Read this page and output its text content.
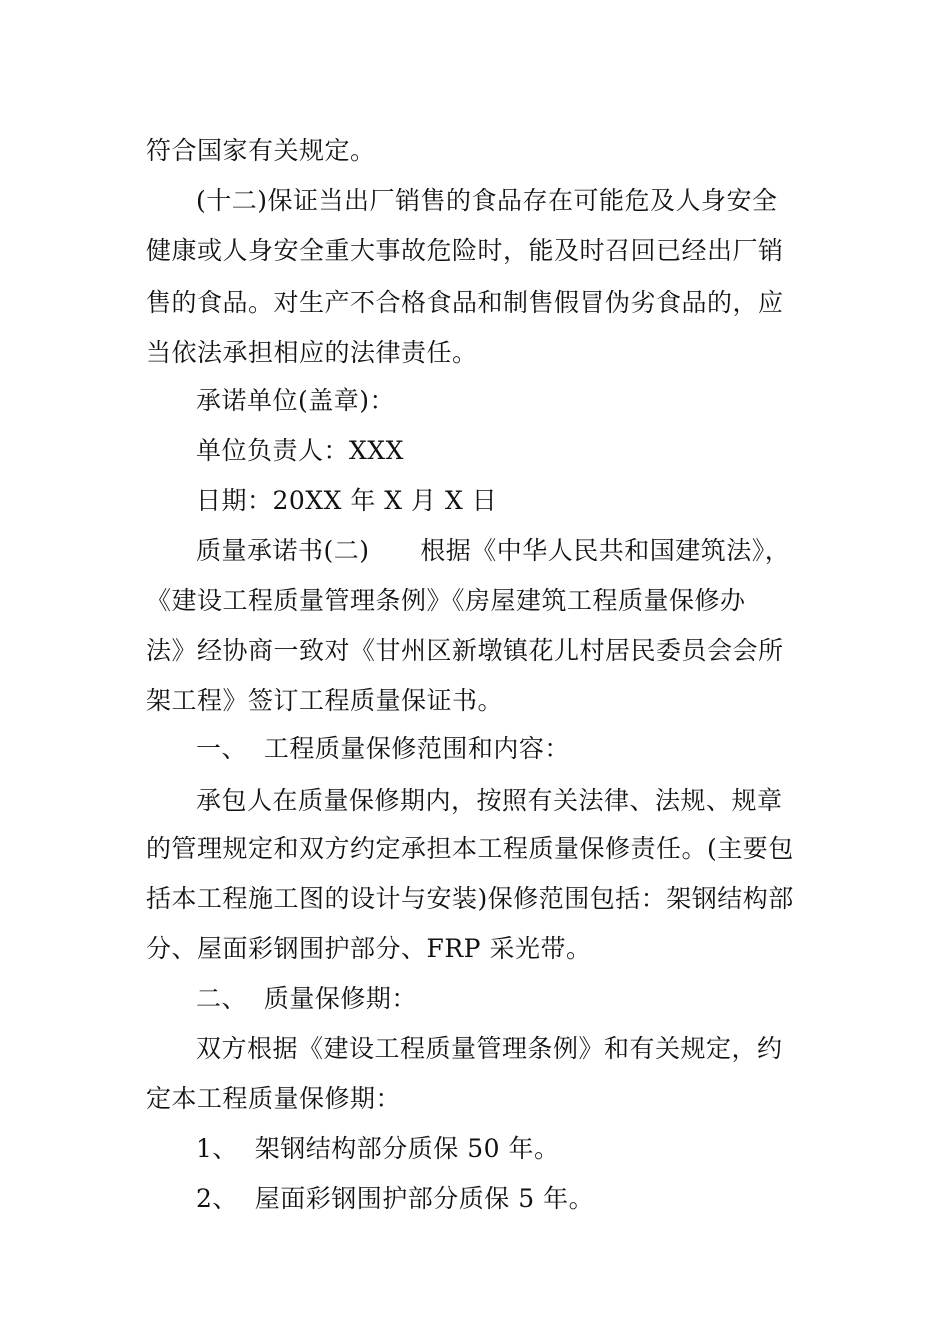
符合国家有关规定。
(十二)保证当出厂销售的食品存在可能危及人身安全
健康或人身安全重大事故危险时，能及时召回已经出厂销
售的食品。对生产不合格食品和制售假冒伪劣食品的，应
当依法承担相应的法律责任。
承诺单位(盖章)：
单位负责人：XXX
日期：20XX 年 X 月 X 日
质量承诺书(二)      根据《中华人民共和国建筑法》，
《建设工程质量管理条例》《房屋建筑工程质量保修办
法》经协商一致对《甘州区新墩镇花儿村居民委员会会所
架工程》签订工程质量保证书。
一、  工程质量保修范围和内容：
承包人在质量保修期内，按照有关法律、法规、规章
的管理规定和双方约定承担本工程质量保修责任。(主要包
括本工程施工图的设计与安装)保修范围包括：架钢结构部
分、屋面彩钢围护部分、FRP 采光带。
二、  质量保修期：
双方根据《建设工程质量管理条例》和有关规定，约
定本工程质量保修期：
1、  架钢结构部分质保 50 年。
2、  屋面彩钢围护部分质保 5 年。
